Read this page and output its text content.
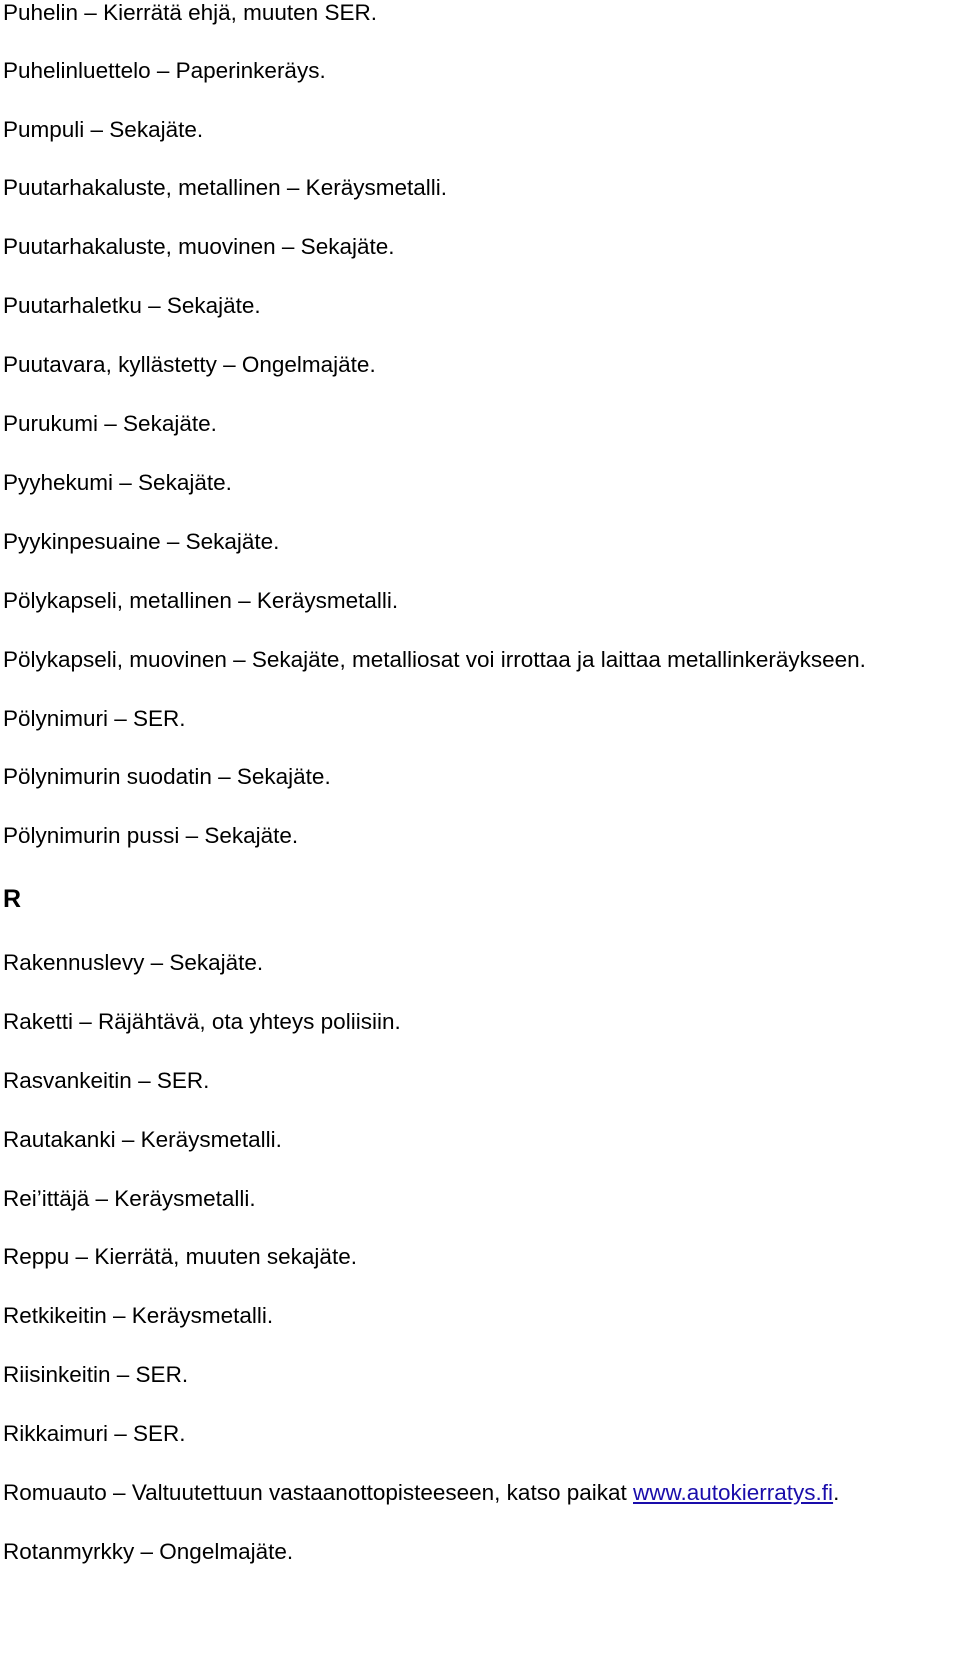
Puhelin – Kierrätä ehjä, muuten SER.

Puhelinluettelo – Paperinkeräys.

Pumpuli – Sekajäte.

Puutarhakaluste, metallinen – Keräysmetalli.

Puutarhakaluste, muovinen – Sekajäte.

Puutarhaletku – Sekajäte.

Puutavara, kyllästetty – Ongelmajäte.

Purukumi – Sekajäte.

Pyyhekumi – Sekajäte.

Pyykinpesuaine – Sekajäte.

Pölykapseli, metallinen – Keräysmetalli.

Pölykapseli, muovinen – Sekajäte, metalliosat voi irrottaa ja laittaa metallinkeräykseen.

Pölynimuri – SER.

Pölynimurin suodatin – Sekajäte.

Pölynimurin pussi – Sekajäte.

R

Rakennuslevy – Sekajäte.

Raketti – Räjähtävä, ota yhteys poliisiin.

Rasvankeitin – SER.

Rautakanki – Keräysmetalli.

Rei’ittäjä – Keräysmetalli.

Reppu – Kierrätä, muuten sekajäte.

Retkikeitin – Keräysmetalli.

Riisinkeitin – SER.

Rikkaimuri – SER.

Romuauto – Valtuutettuun vastaanottopisteeseen, katso paikat www.autokierratys.fi.

Rotanmyrkky – Ongelmajäte.
